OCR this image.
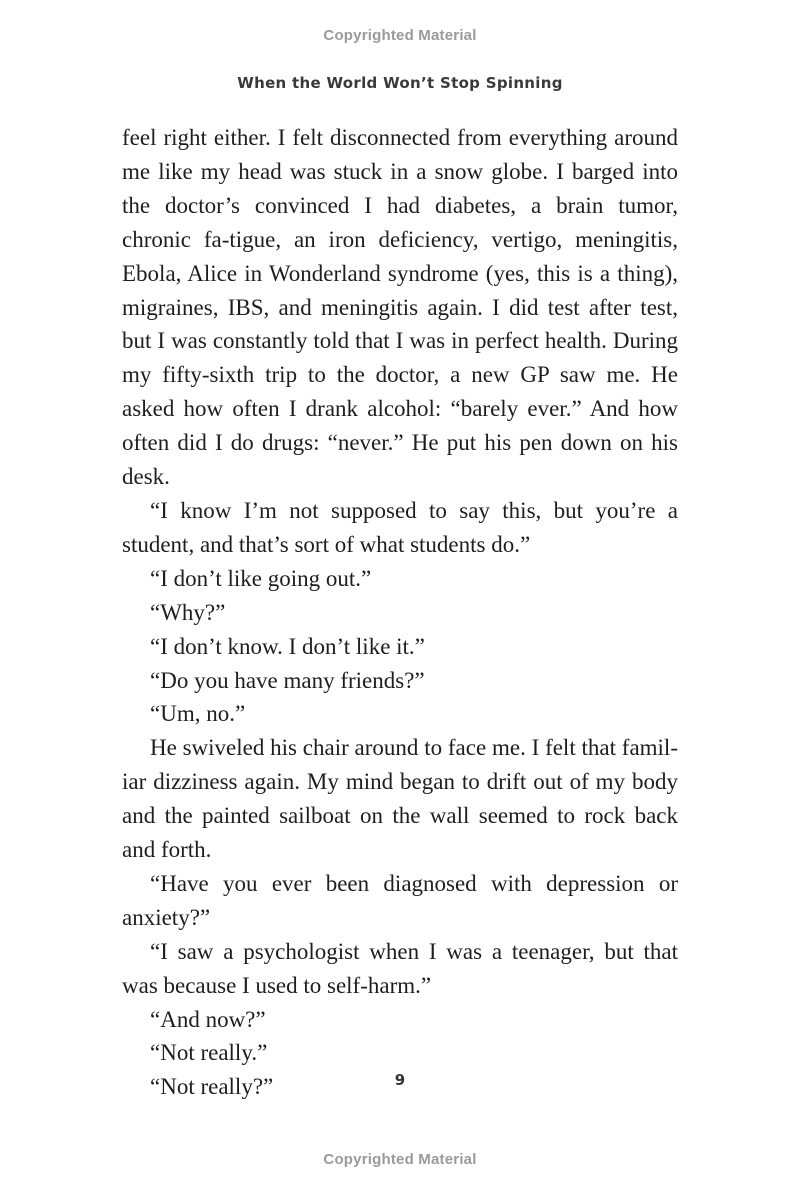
Copyrighted Material
When the World Won’t Stop Spinning

feel right either. I felt disconnected from everything around me like my head was stuck in a snow globe. I barged into the doctor’s convinced I had diabetes, a brain tumor, chronic fa-tigue, an iron deficiency, vertigo, meningitis, Ebola, Alice in Wonderland syndrome (yes, this is a thing), migraines, IBS, and meningitis again. I did test after test, but I was constantly told that I was in perfect health. During my fifty-sixth trip to the doctor, a new GP saw me. He asked how often I drank alcohol: “barely ever.” And how often did I do drugs: “never.” He put his pen down on his desk.

“I know I’m not supposed to say this, but you’re a student, and that’s sort of what students do.”

“I don’t like going out.”

“Why?”

“I don’t know. I don’t like it.”

“Do you have many friends?”

“Um, no.”

He swiveled his chair around to face me. I felt that famil-iar dizziness again. My mind began to drift out of my body and the painted sailboat on the wall seemed to rock back and forth.

“Have you ever been diagnosed with depression or anxiety?”

“I saw a psychologist when I was a teenager, but that was because I used to self-harm.”

“And now?”

“Not really.”

“Not really?”	9
Copyrighted Material
